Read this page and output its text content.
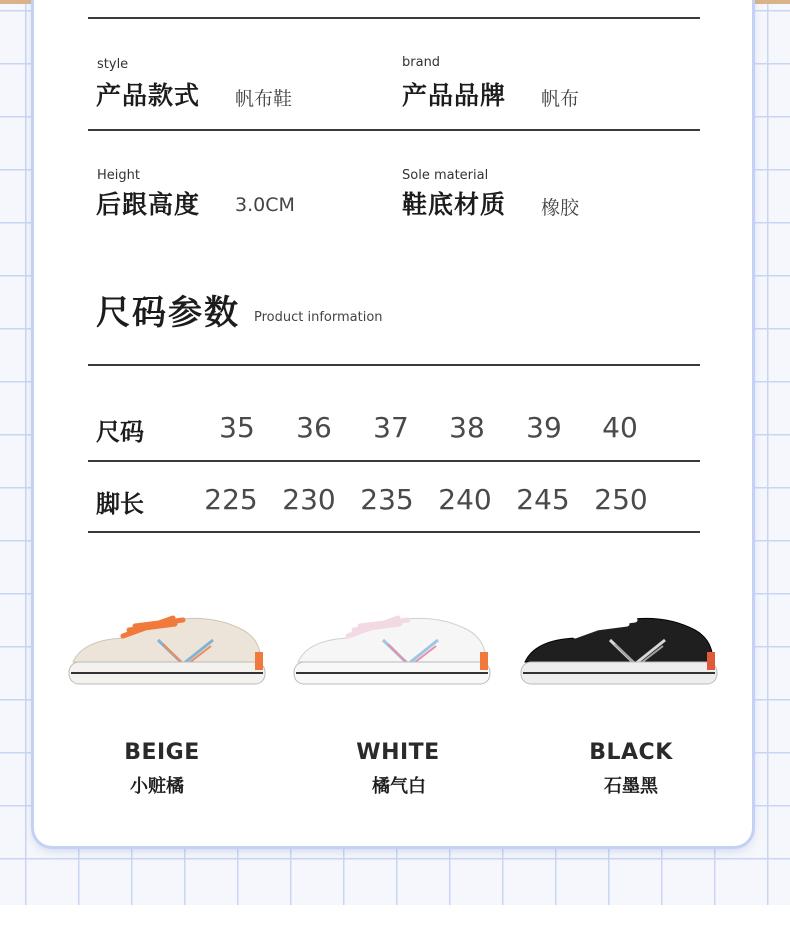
style
产品款式 帆布鞋
brand
产品品牌 帆布
Height
后跟高度 3.0CM
Sole material
鞋底材质 橡胶
尺码参数 Product information
尺码	35	36	37	38	39	40
脚长	225 230 235 240 245 250
BEIGE
小赃橘
WHITE
橘气白
BLACK
石墨黑
